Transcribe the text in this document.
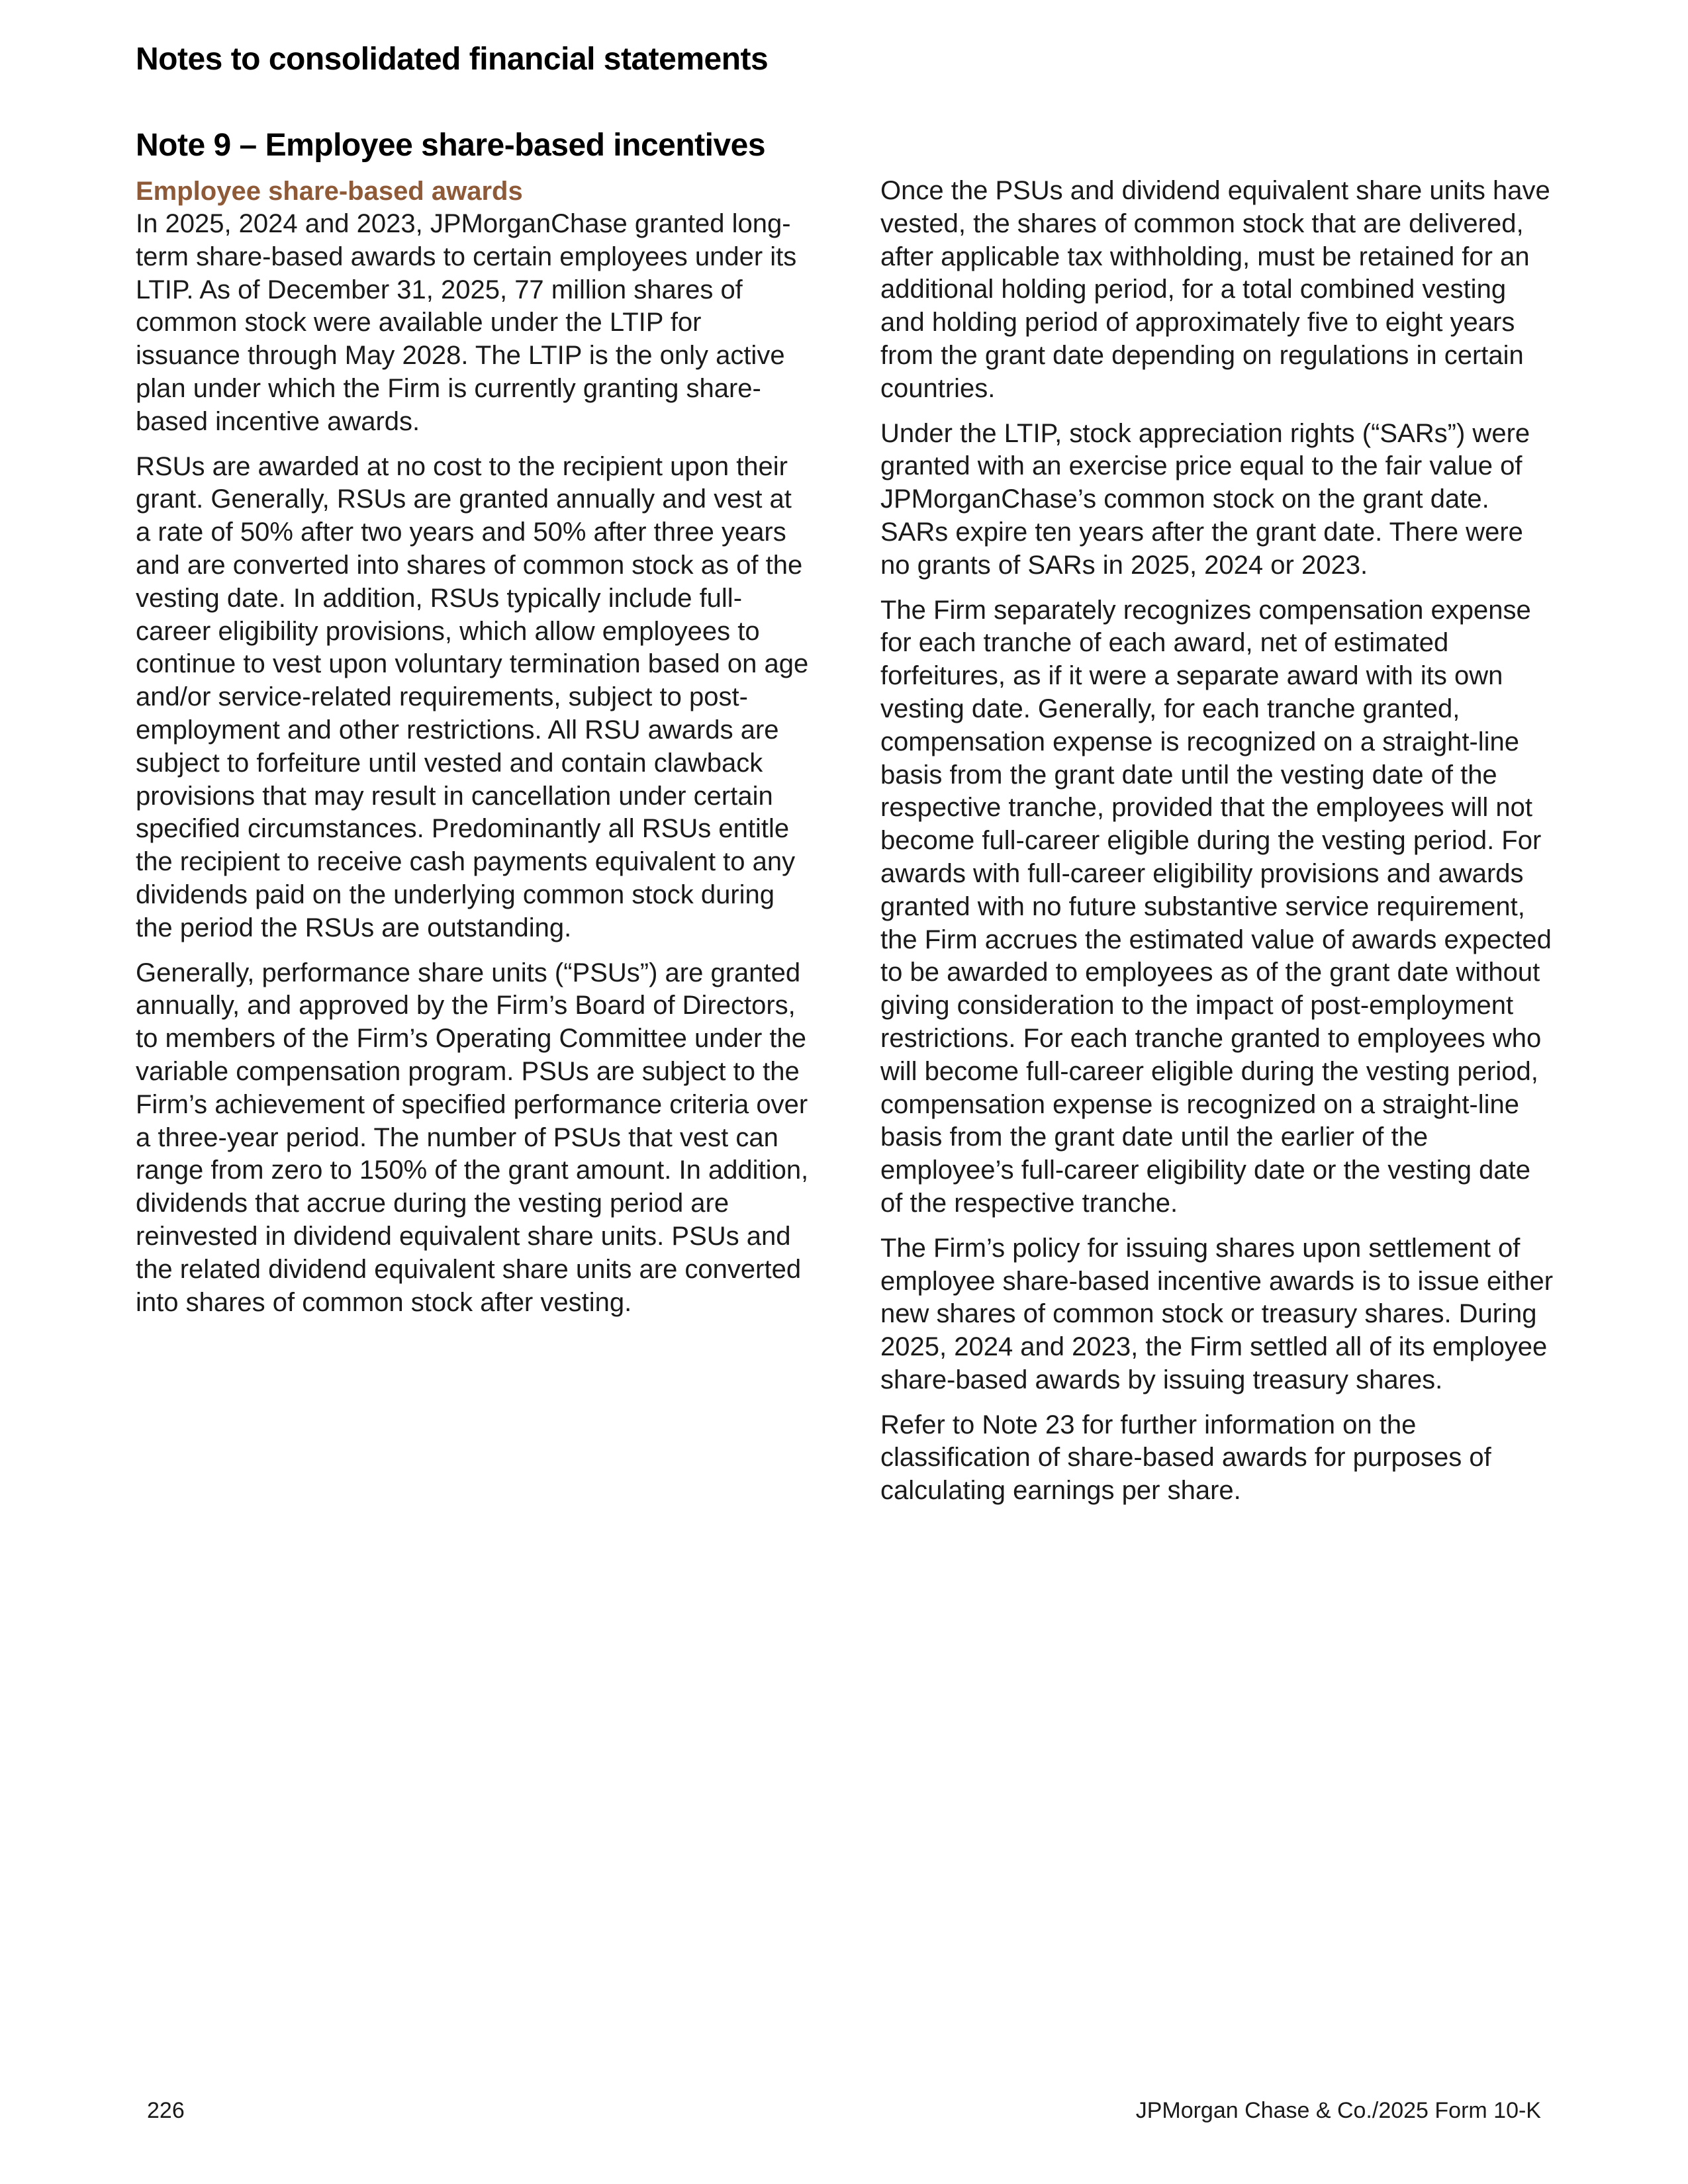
Notes to consolidated financial statements
Note 9 – Employee share-based incentives

Employee share-based awards

In 2025, 2024 and 2023, JPMorganChase granted long-term share-based awards to certain employees under its LTIP. As of December 31, 2025, 77 million shares of common stock were available under the LTIP for issuance through May 2028. The LTIP is the only active plan under which the Firm is currently granting share-based incentive awards.

RSUs are awarded at no cost to the recipient upon their grant. Generally, RSUs are granted annually and vest at a rate of 50% after two years and 50% after three years and are converted into shares of common stock as of the vesting date. In addition, RSUs typically include full-career eligibility provisions, which allow employees to continue to vest upon voluntary termination based on age and/or service-related requirements, subject to post-employment and other restrictions. All RSU awards are subject to forfeiture until vested and contain clawback provisions that may result in cancellation under certain specified circumstances. Predominantly all RSUs entitle the recipient to receive cash payments equivalent to any dividends paid on the underlying common stock during the period the RSUs are outstanding.

Generally, performance share units (“PSUs”) are granted annually, and approved by the Firm’s Board of Directors, to members of the Firm’s Operating Committee under the variable compensation program. PSUs are subject to the Firm’s achievement of specified performance criteria over a three-year period. The number of PSUs that vest can range from zero to 150% of the grant amount. In addition, dividends that accrue during the vesting period are reinvested in dividend equivalent share units. PSUs and the related dividend equivalent share units are converted into shares of common stock after vesting.

Once the PSUs and dividend equivalent share units have vested, the shares of common stock that are delivered, after applicable tax withholding, must be retained for an additional holding period, for a total combined vesting and holding period of approximately five to eight years from the grant date depending on regulations in certain countries.

Under the LTIP, stock appreciation rights (“SARs”) were granted with an exercise price equal to the fair value of JPMorganChase’s common stock on the grant date. SARs expire ten years after the grant date. There were no grants of SARs in 2025, 2024 or 2023.

The Firm separately recognizes compensation expense for each tranche of each award, net of estimated forfeitures, as if it were a separate award with its own vesting date. Generally, for each tranche granted, compensation expense is recognized on a straight-line basis from the grant date until the vesting date of the respective tranche, provided that the employees will not become full-career eligible during the vesting period. For awards with full-career eligibility provisions and awards granted with no future substantive service requirement, the Firm accrues the estimated value of awards expected to be awarded to employees as of the grant date without giving consideration to the impact of post-employment restrictions. For each tranche granted to employees who will become full-career eligible during the vesting period, compensation expense is recognized on a straight-line basis from the grant date until the earlier of the employee’s full-career eligibility date or the vesting date of the respective tranche.

The Firm’s policy for issuing shares upon settlement of employee share-based incentive awards is to issue either new shares of common stock or treasury shares. During 2025, 2024 and 2023, the Firm settled all of its employee share-based awards by issuing treasury shares.

Refer to Note 23 for further information on the classification of share-based awards for purposes of calculating earnings per share.

226	JPMorgan Chase & Co./2025 Form 10-K
